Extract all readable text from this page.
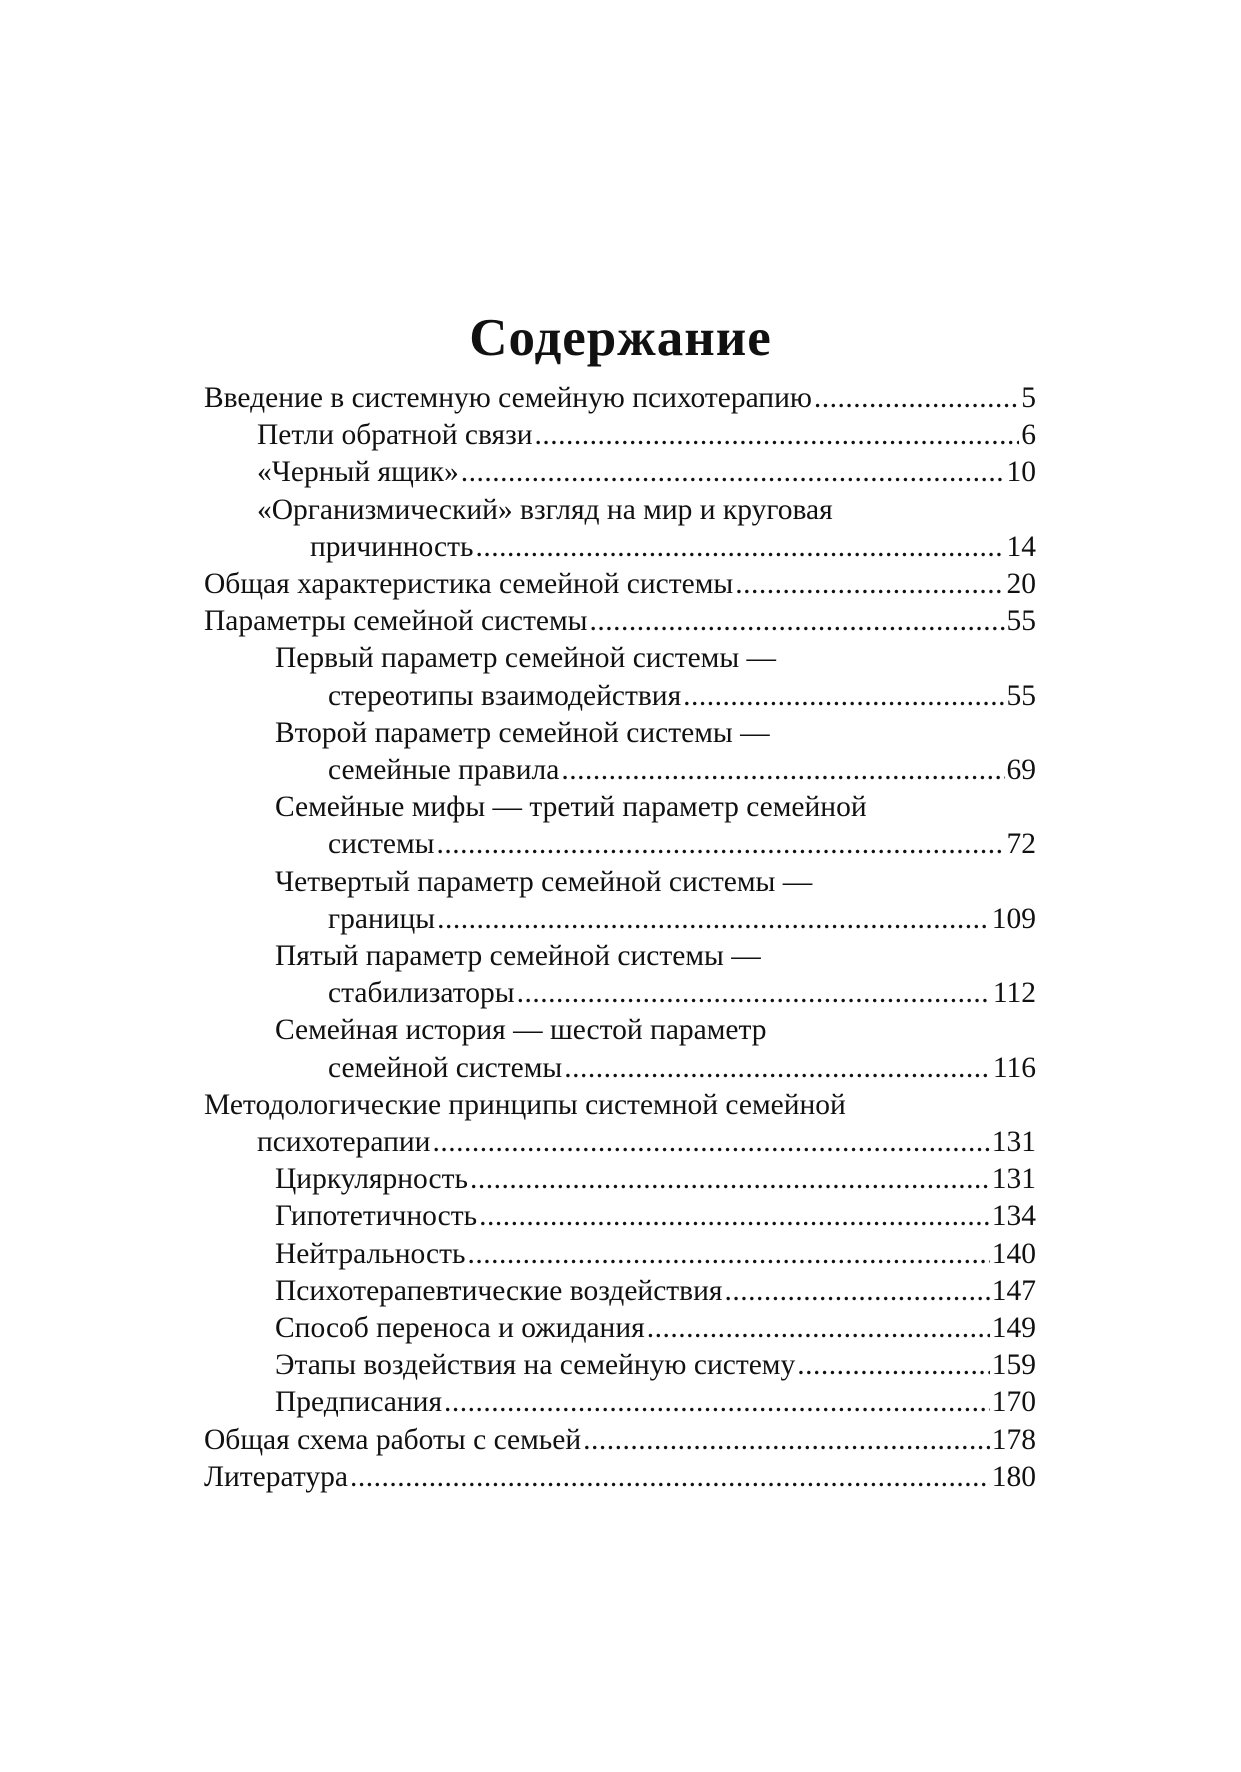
Содержание
Введение в системную семейную психотерапию .....	5
Петли обратной связи .....	6
«Черный ящик» .....	10
«Организмический» взгляд на мир и круговая
причинность .....	14
Общая характеристика семейной системы .....	20
Параметры семейной системы .....	55
Первый параметр семейной системы —
стереотипы взаимодействия .....	55
Второй параметр семейной системы —
семейные правила .....	69
Семейные мифы — третий параметр семейной
системы .....	72
Четвертый параметр семейной системы —
границы .....	109
Пятый параметр семейной системы —
стабилизаторы .....	112
Семейная история — шестой параметр
семейной системы .....	116
Методологические принципы системной семейной
психотерапии .....	131
Циркулярность .....	131
Гипотетичность .....	134
Нейтральность .....	140
Психотерапевтические воздействия .....	147
Способ переноса и ожидания .....	149
Этапы воздействия на семейную систему .....	159
Предписания .....	170
Общая схема работы с семьей .....	178
Литература .....	180
